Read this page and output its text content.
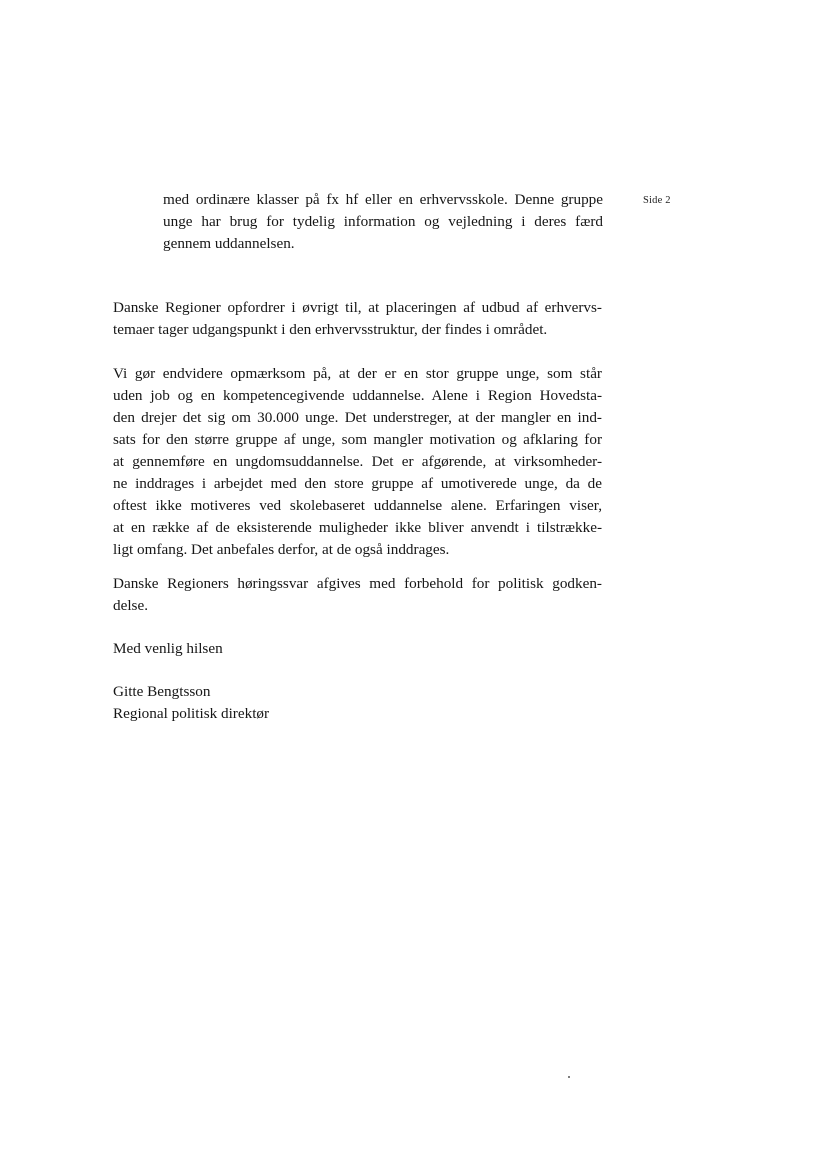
Side 2
med ordinære klasser på fx hf eller en erhvervsskole. Denne gruppe
unge har brug for tydelig information og vejledning i deres færd
gennem uddannelsen.
Danske Regioner opfordrer i øvrigt til, at placeringen af udbud af erhvervs-
temaer tager udgangspunkt i den erhvervsstruktur, der findes i området.
Vi gør endvidere opmærksom på, at der er en stor gruppe unge, som står
uden job og en kompetencegivende uddannelse. Alene i Region Hovedsta-
den drejer det sig om 30.000 unge. Det understreger, at der mangler en ind-
sats for den større gruppe af unge, som mangler motivation og afklaring for
at gennemføre en ungdomsuddannelse. Det er afgørende, at virksomheder-
ne inddrages i arbejdet med den store gruppe af umotiverede unge, da de
oftest ikke motiveres ved skolebaseret uddannelse alene. Erfaringen viser,
at en række af de eksisterende muligheder ikke bliver anvendt i tilstrække-
ligt omfang. Det anbefales derfor, at de også inddrages.
Danske Regioners høringssvar afgives med forbehold for politisk godken-
delse.
Med venlig hilsen
Gitte Bengtsson
Regional politisk direktør
